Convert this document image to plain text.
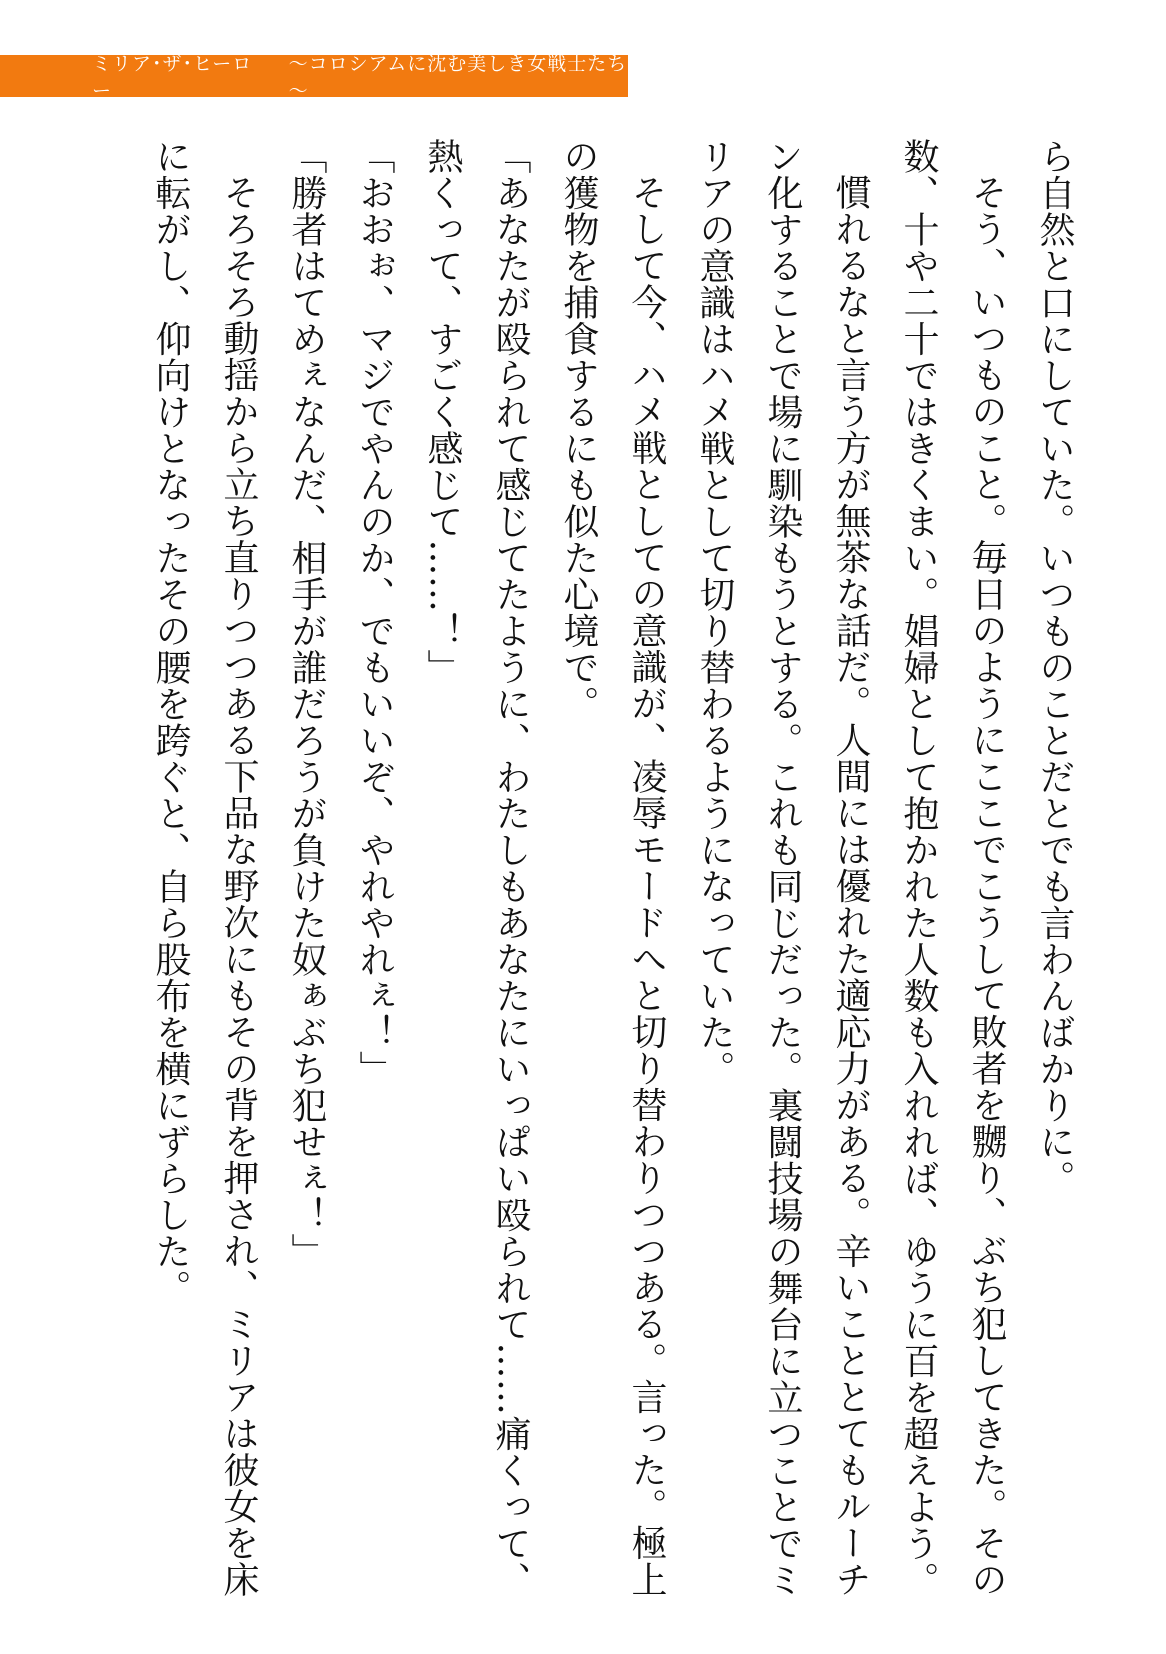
ミリア･ザ･ヒーロー
～コロシアムに沈む美しき女戦士たち～

ら自然と口にしていた。いつものことだとでも言わんばかりに。

そう、いつものこと。毎日のようにここでこうして敗者を嬲り、ぶち犯してきた。その数、十や二十ではきくまい。娼婦として抱かれた人数も入れれば、ゆうに百を超えよう。

慣れるなと言う方が無茶な話だ。人間には優れた適応力がある。辛いこととてもルーチン化することで場に馴染もうとする。これも同じだった。裏闘技場の舞台に立つことでミリアの意識はハメ戦として切り替わるようになっていた。

そして今、ハメ戦としての意識が、凌辱モードへと切り替わりつつある。言った。極上の獲物を捕食するにも似た心境で。

「あなたが殴られて感じてたように、わたしもあなたにいっぱい殴られて……痛くって、熱くって、すごく感じて……！」

「おおぉ、マジでやんのか、でもいいぞ、やれやれぇ！」

「勝者はてめぇなんだ、相手が誰だろうが負けた奴ぁぶち犯せぇ！」

そろそろ動揺から立ち直りつつある下品な野次にもその背を押され、ミリアは彼女を床に転がし、仰向けとなったその腰を跨ぐと、自ら股布を横にずらした。
